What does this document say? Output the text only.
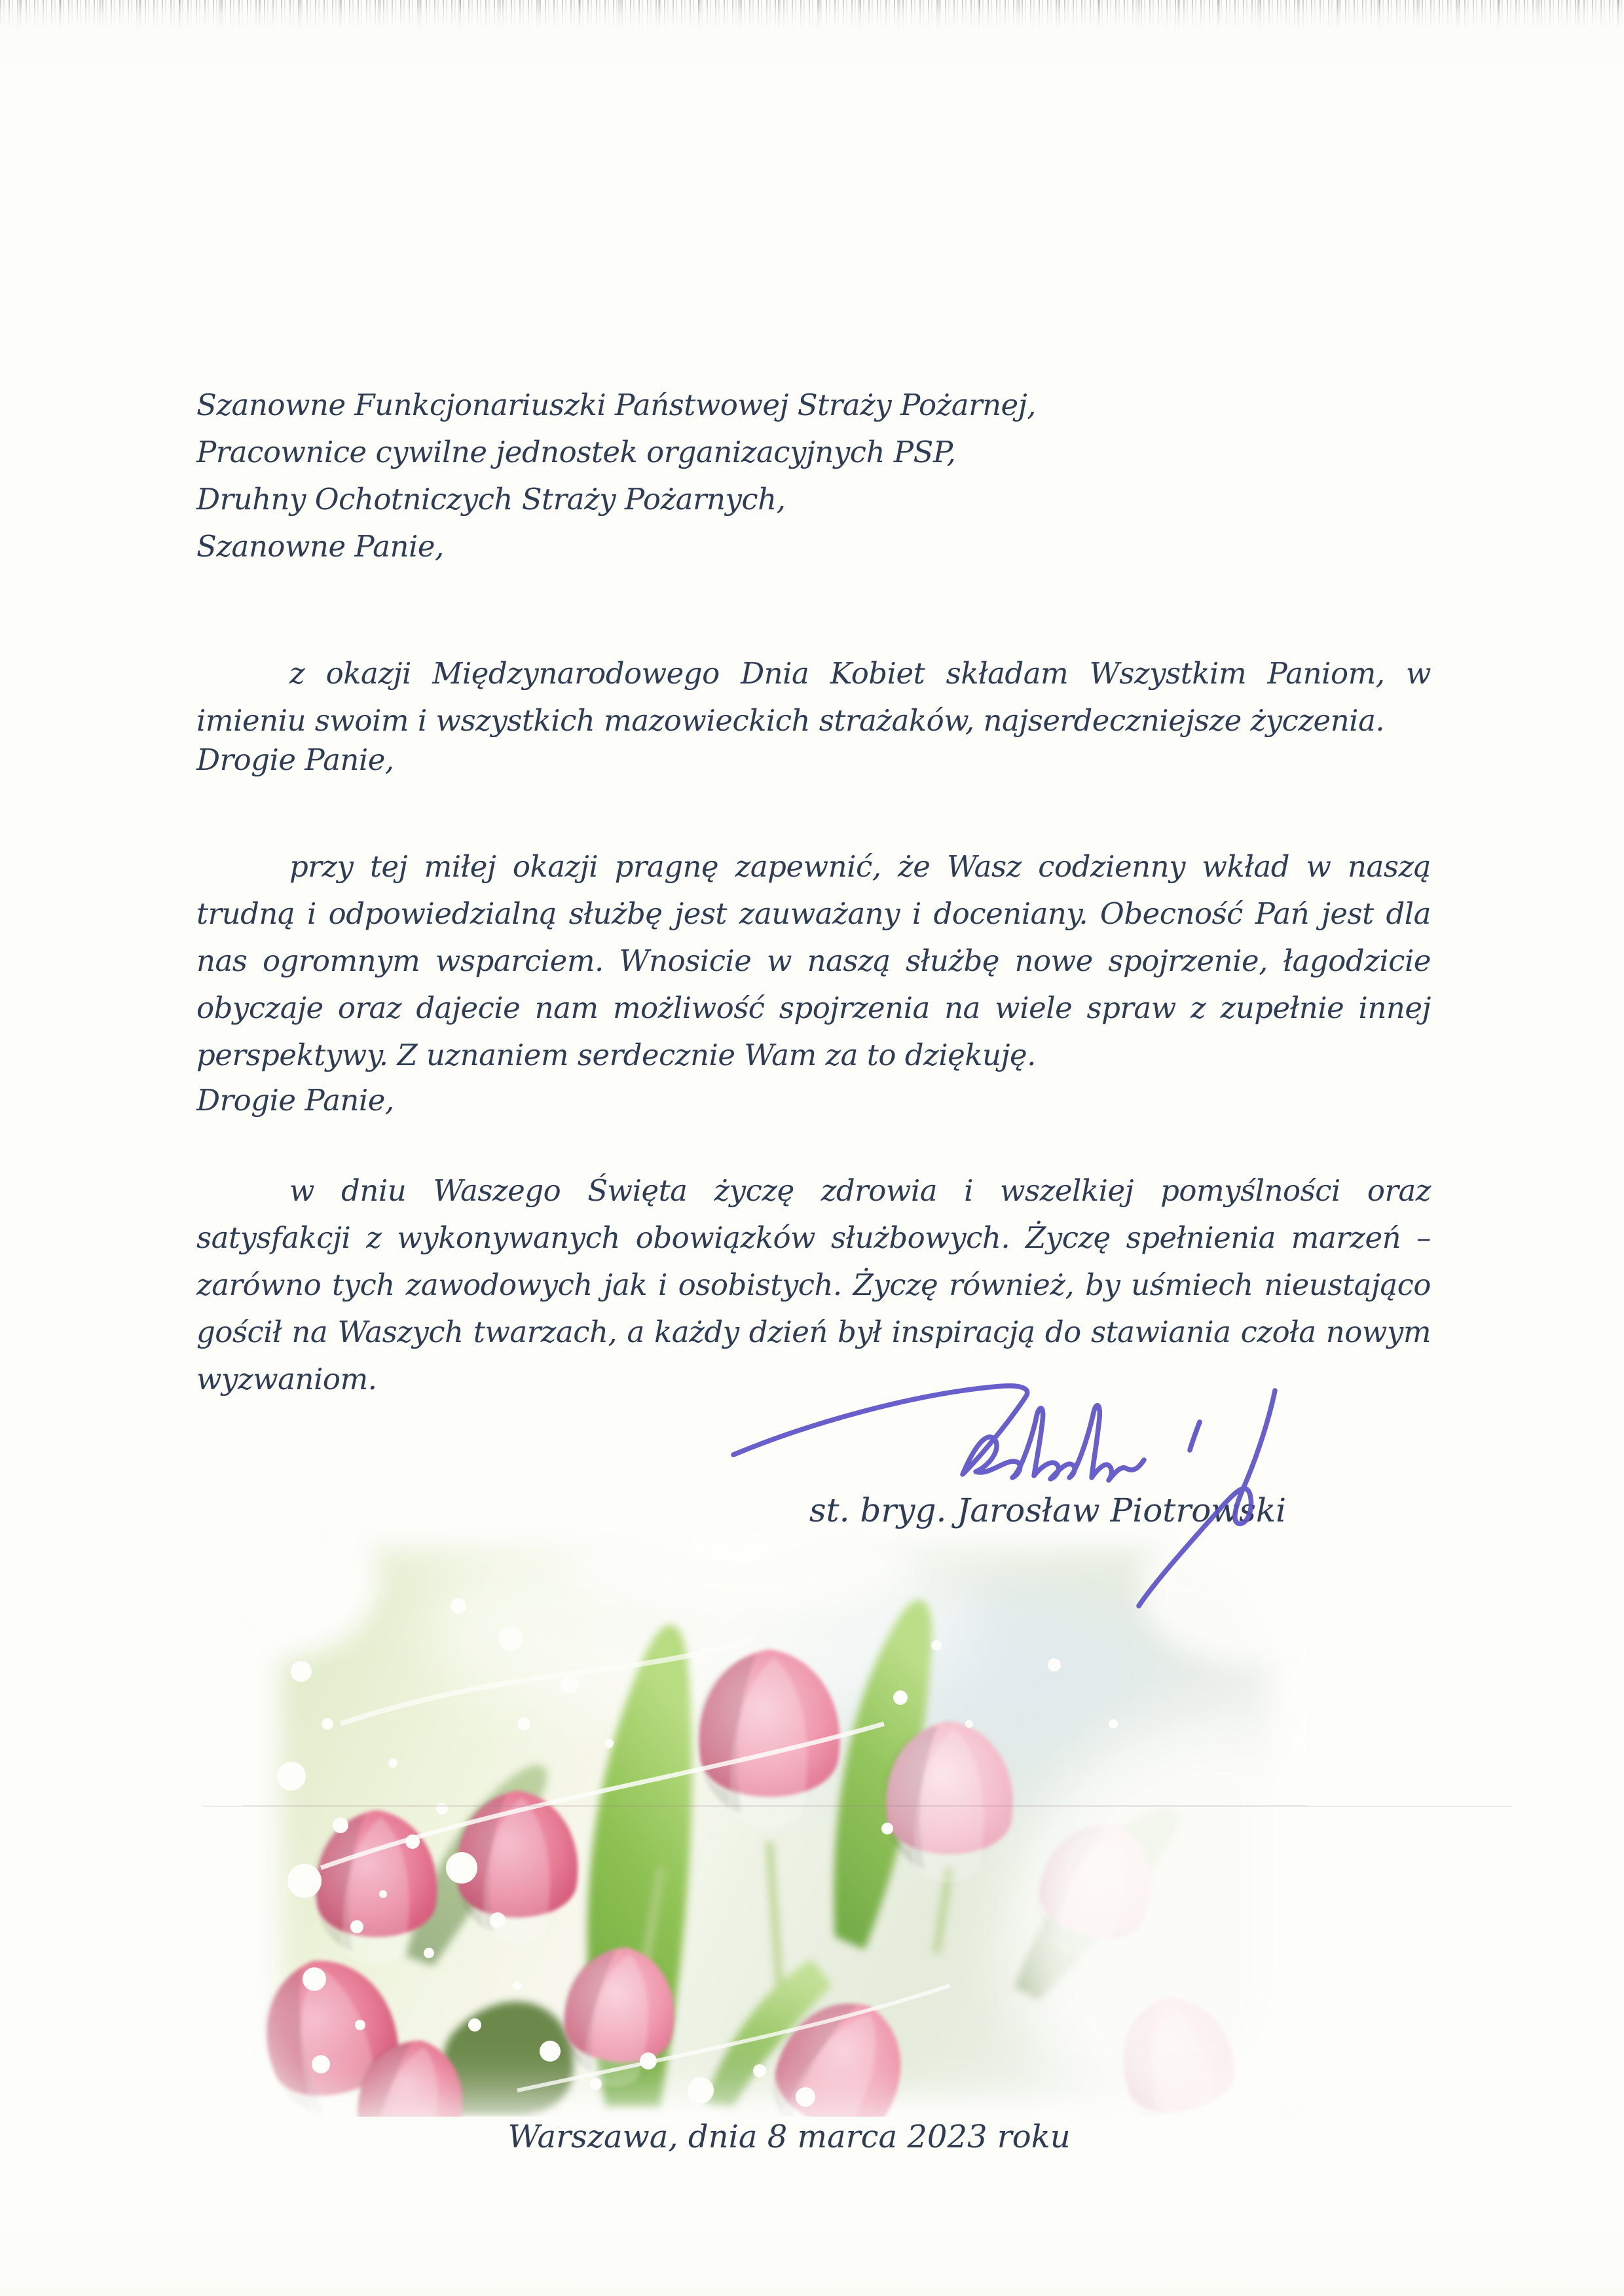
Szanowne Funkcjonariuszki Państwowej Straży Pożarnej,
Pracownice cywilne jednostek organizacyjnych PSP,
Druhny Ochotniczych Straży Pożarnych,
Szanowne Panie,

z okazji Międzynarodowego Dnia Kobiet składam Wszystkim Paniom, w imieniu swoim i wszystkich mazowieckich strażaków, najserdeczniejsze życzenia.

Drogie Panie,

przy tej miłej okazji pragnę zapewnić, że Wasz codzienny wkład w naszą trudną i odpowiedzialną służbę jest zauważany i doceniany. Obecność Pań jest dla nas ogromnym wsparciem. Wnosicie w naszą służbę nowe spojrzenie, łagodzicie obyczaje oraz dajecie nam możliwość spojrzenia na wiele spraw z zupełnie innej perspektywy. Z uznaniem serdecznie Wam za to dziękuję.

Drogie Panie,

w dniu Waszego Święta życzę zdrowia i wszelkiej pomyślności oraz satysfakcji z wykonywanych obowiązków służbowych. Życzę spełnienia marzeń – zarówno tych zawodowych jak i osobistych. Życzę również, by uśmiech nieustająco gościł na Waszych twarzach, a każdy dzień był inspiracją do stawiania czoła nowym wyzwaniom.

st. bryg. Jarosław Piotrowski
Warszawa, dnia 8 marca 2023 roku
